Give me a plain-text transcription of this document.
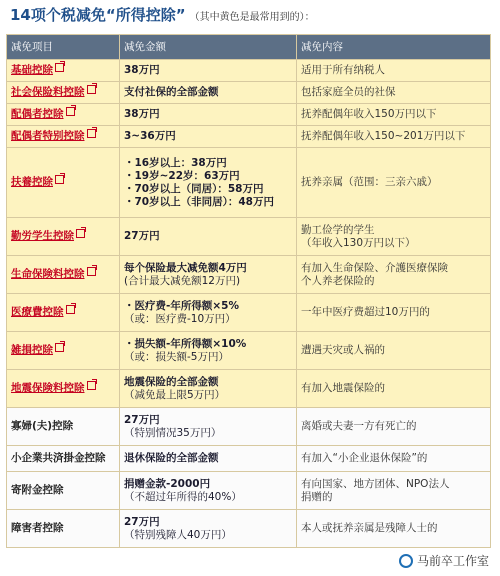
14项个税减免“所得控除” （其中黄色是最常用到的）：
减免项目	减免金额	减免内容
基础控除	38万円	适用于所有纳税人

社会保险料控除	支付社保的全部金额	包括家庭全员的社保

配偶者控除	38万円	抚养配偶年收入150万円以下

配偶者特别控除	3~36万円	抚养配偶年收入150~201万円以下

扶養控除	・16岁以上：38万円
・19岁~22岁：63万円
・70岁以上（同居）：58万円
・70岁以上（非同居）：48万円	抚养亲属（范围：三亲六戚）

勤労学生控除	27万円	勤工俭学的学生
（年收入130万円以下）

生命保険料控除	每个保险最大减免额4万円
(合计最大减免额12万円)	有加入生命保险、介護医療保険
个人养老保险的

医療費控除	・医疗费-年所得额×5%
（或：医疗费-10万円）	一年中医疗费超过10万円的

雑損控除	・损失额-年所得额×10%
（或：损失额-5万円）	遭遇天灾或人祸的

地震保険料控除	地震保险的全部金额
（减免最上限5万円）	有加入地震保险的

寡婦(夫)控除	27万円
（特别情况35万円）	离婚或夫妻一方有死亡的

小企業共済掛金控除	退休保险的全部金额	有加入“小企业退休保险”的

寄附金控除	捐赠金款-2000円
（不超过年所得的40%）	有向国家、地方团体、NPO法人
捐赠的

障害者控除	27万円
（特别残障人40万円）	本人或抚养亲属是残障人士的
马前卒工作室
